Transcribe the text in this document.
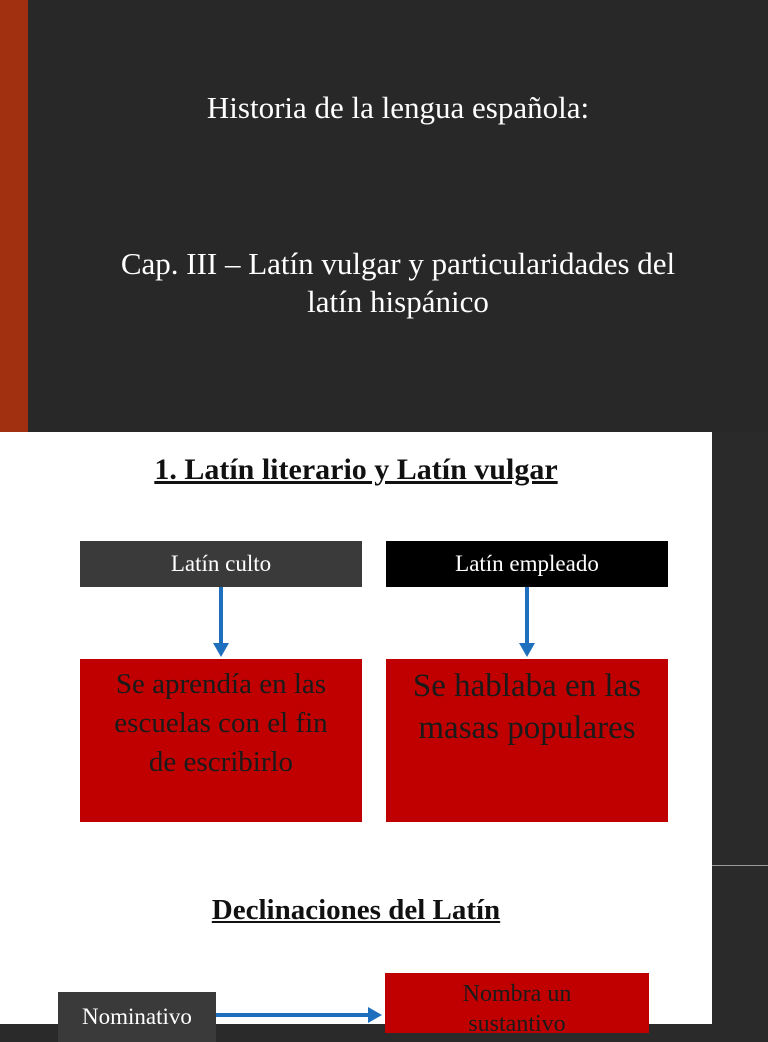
Historia de la lengua española:
Cap. III – Latín vulgar y particularidades del
latín hispánico
1. Latín literario y Latín vulgar
Latín culto	Latín empleado
Se aprendía en las
escuelas con el fin
de escribirlo
Se hablaba en las
masas populares
Declinaciones del Latín
Nominativo
Nombra un
sustantivo
